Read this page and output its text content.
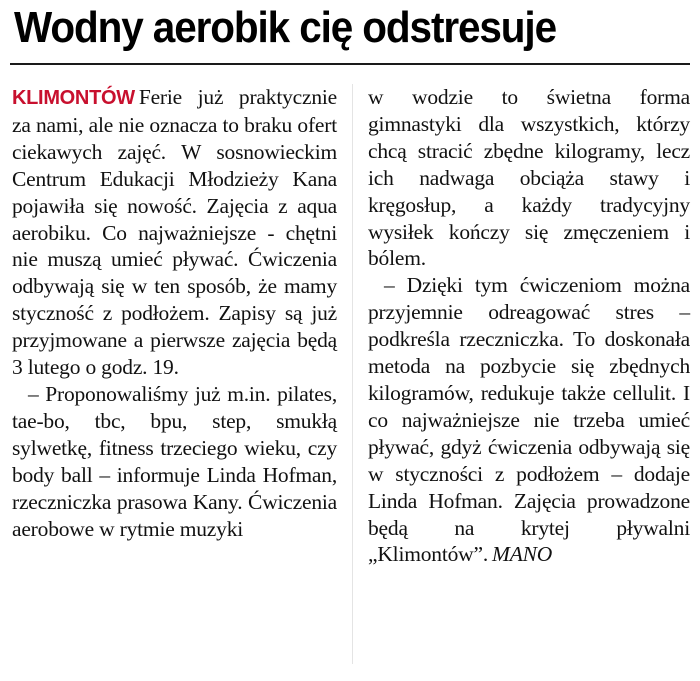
Wodny aerobik cię odstresuje

KLIMONTÓW Ferie już praktycznie za nami, ale nie oznacza to braku ofert ciekawych zajęć. W sosnowieckim Centrum Edukacji Młodzieży Kana pojawiła się nowość. Zajęcia z aqua aerobiku. Co najważniejsze - chętni nie muszą umieć pływać. Ćwiczenia odbywają się w ten sposób, że mamy styczność z podłożem. Zapisy są już przyjmowane a pierwsze zajęcia będą 3 lutego o godz. 19.

– Proponowaliśmy już m.in. pilates, tae-bo, tbc, bpu, step, smukłą sylwetkę, fitness trzeciego wieku, czy body ball – informuje Linda Hofman, rzeczniczka prasowa Kany. Ćwiczenia aerobowe w rytmie muzyki

w wodzie to świetna forma gimnastyki dla wszystkich, którzy chcą stracić zbędne kilogramy, lecz ich nadwaga obciąża stawy i kręgosłup, a każdy tradycyjny wysiłek kończy się zmęczeniem i bólem.

– Dzięki tym ćwiczeniom można przyjemnie odreagować stres – podkreśla rzeczniczka. To doskonała metoda na pozbycie się zbędnych kilogramów, redukuje także cellulit. I co najważniejsze nie trzeba umieć pływać, gdyż ćwiczenia odbywają się w styczności z podłożem – dodaje Linda Hofman. Zajęcia prowadzone będą na krytej pływalni „Klimontów”. MANO
